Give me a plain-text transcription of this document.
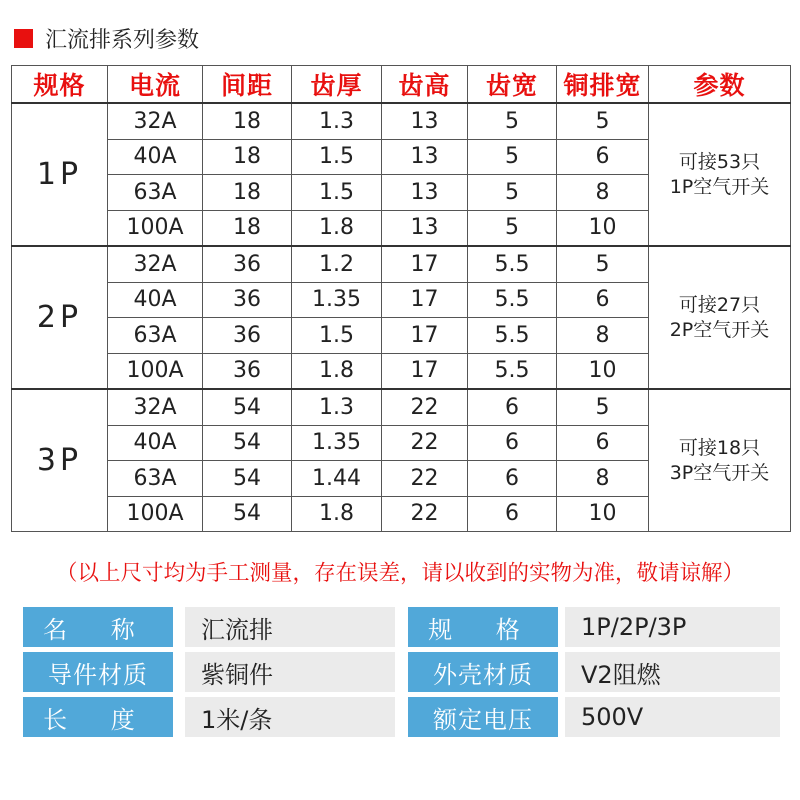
汇流排系列参数
规格	电流	间距	齿厚	齿高	齿宽	铜排宽	参数
1P	32A	18	1.3	13	5	5	可接53只
1P空气开关

	40A	18	1.5	13	5	6	
	63A	18	1.5	13	5	8	
	100A	18	1.8	13	5	10	
2P	32A	36	1.2	17	5.5	5	可接27只
2P空气开关

	40A	36	1.35	17	5.5	6	
	63A	36	1.5	17	5.5	8	
	100A	36	1.8	17	5.5	10	
3P	32A	54	1.3	22	6	5	可接18只
3P空气开关

	40A	54	1.35	22	6	6	
	63A	54	1.44	22	6	8	
	100A	54	1.8	22	6	10	
（以上尺寸均为手工测量，存在误差，请以收到的实物为准，敬请谅解）
名 称	汇流排	规 格	1P/2P/3P
导件材质	紫铜件	外壳材质	V2阻燃
长 度	1米/条	额定电压	500V
